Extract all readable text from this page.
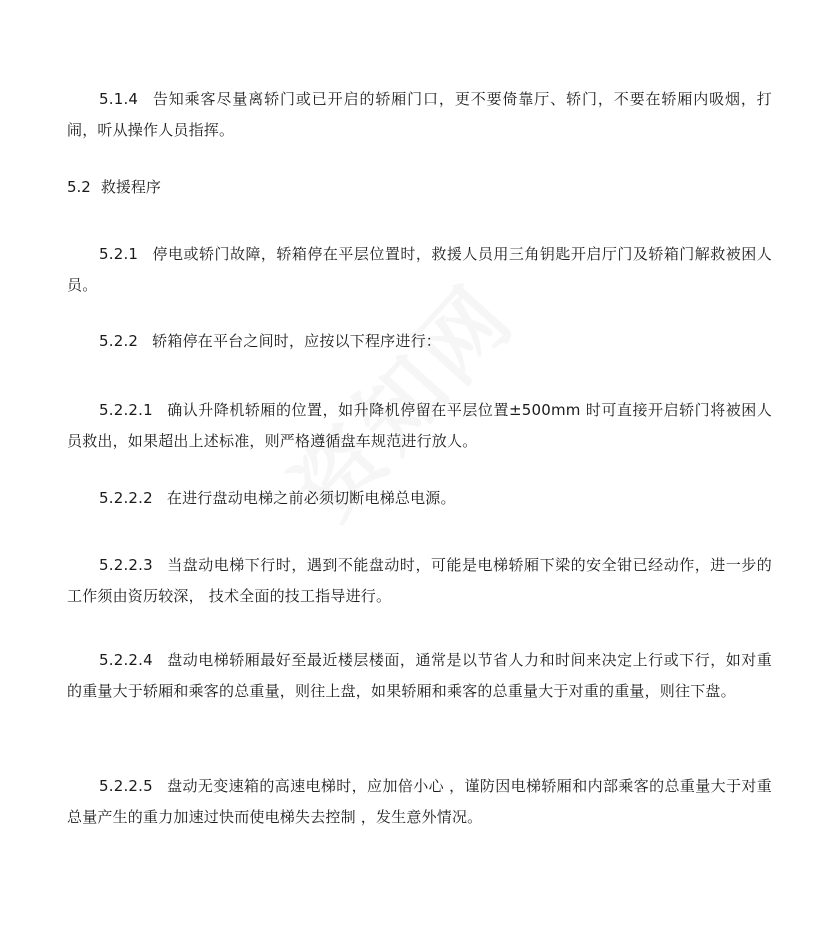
5.1.4 告知乘客尽量离轿门或已开启的轿厢门口，更不要倚靠厅、轿门，不要在轿厢内吸烟，打闹，听从操作人员指挥。

5.2 救援程序

5.2.1 停电或轿门故障，轿箱停在平层位置时，救援人员用三角钥匙开启厅门及轿箱门解救被困人员。

5.2.2 轿箱停在平台之间时，应按以下程序进行：

5.2.2.1 确认升降机轿厢的位置，如升降机停留在平层位置±500mm 时可直接开启轿门将被困人员救出，如果超出上述标准，则严格遵循盘车规范进行放人。

5.2.2.2 在进行盘动电梯之前必须切断电梯总电源。

5.2.2.3 当盘动电梯下行时，遇到不能盘动时，可能是电梯轿厢下梁的安全钳已经动作，进一步的工作须由资历较深， 技术全面的技工指导进行。

5.2.2.4 盘动电梯轿厢最好至最近楼层楼面，通常是以节省人力和时间来决定上行或下行，如对重的重量大于轿厢和乘客的总重量，则往上盘，如果轿厢和乘客的总重量大于对重的重量，则往下盘。

5.2.2.5 盘动无变速箱的高速电梯时，应加倍小心 ，谨防因电梯轿厢和内部乘客的总重量大于对重总量产生的重力加速过快而使电梯失去控制 ，发生意外情况。
